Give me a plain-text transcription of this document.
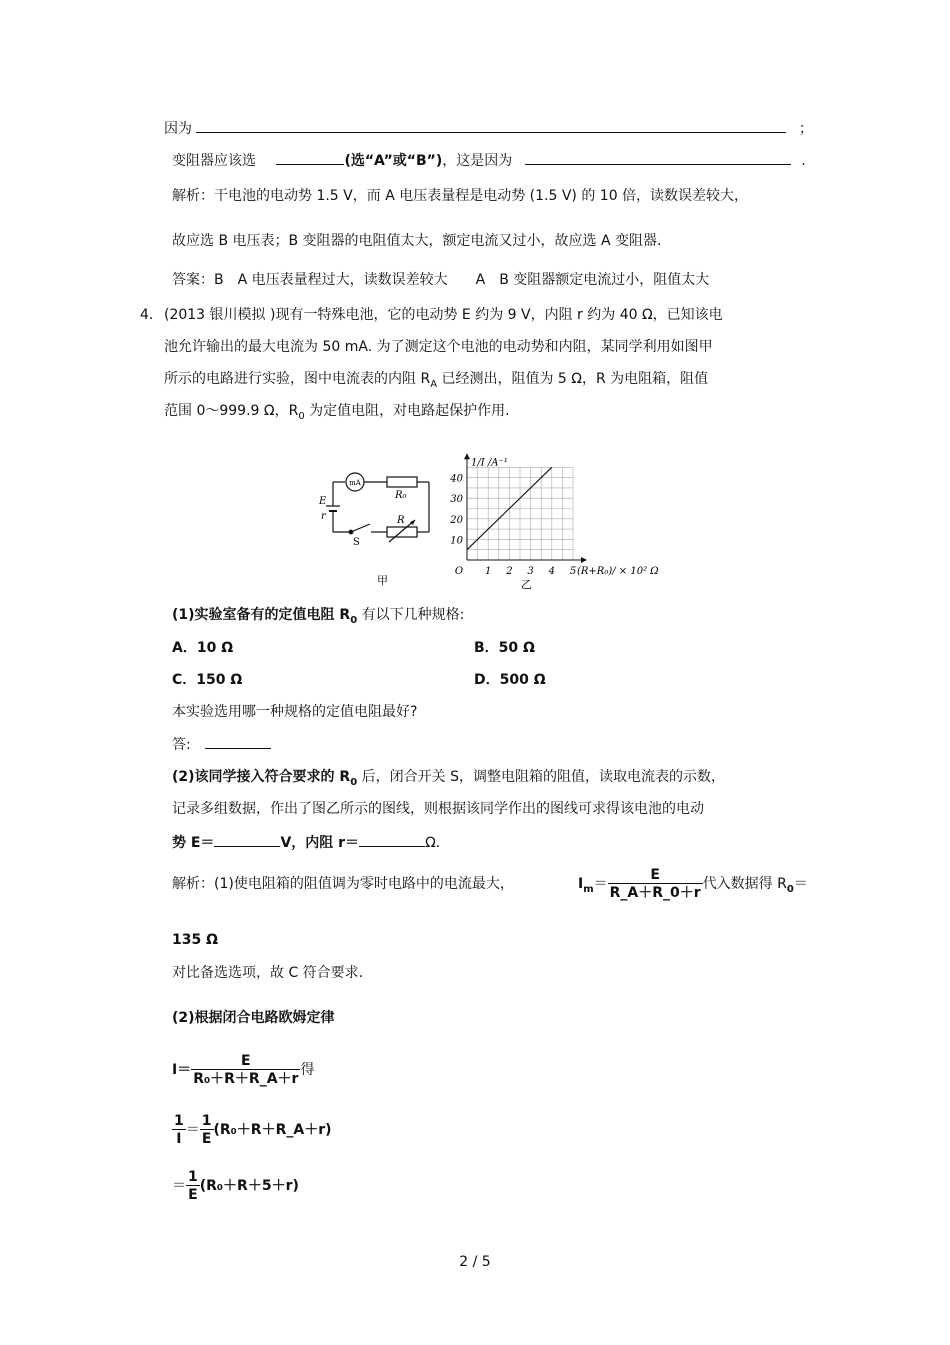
因为	；
变阻器应该选	(选“A”或“B”)，这是因为	.
解析：干电池的电动势 1.5 V，而 A 电压表量程是电动势 (1.5 V) 的 10 倍，读数误差较大，
故应选 B 电压表；B 变阻器的电阻值太大，额定电流又过小，故应选 A 变阻器.
答案：B　A 电压表量程过大，读数误差较大　　A　B 变阻器额定电流过小，阻值太大
4． (2013 银川模拟 )现有一特殊电池，它的电动势 E 约为 9 V，内阻 r 约为 40 Ω，已知该电
池允许输出的最大电流为 50 mA. 为了测定这个电池的电动势和内阻，某同学利用如图甲
所示的电路进行实验，图中电流表的内阻 $R_A$ 已经测出，阻值为 5 Ω，R 为电阻箱，阻值
范围 0～999.9 Ω，$R_0$ 为定值电阻，对电路起保护作用.
mA
R₀
E
r
S
R
甲
1 2 3 4 5
10
20
30
40
O	(R+R₀)/ × 10² Ω
1/I /A⁻¹
乙
(1)实验室备有的定值电阻 $R_0$ 有以下几种规格:
A．10 Ω	B．50 Ω
C．150 Ω	D．500 Ω
本实验选用哪一种规格的定值电阻最好?
答:
(2)该同学接入符合要求的 $R_0$ 后，闭合开关 S，调整电阻箱的阻值，读取电流表的示数，
记录多组数据，作出了图乙所示的图线，则根据该同学作出的图线可求得该电池的电动
势 E＝	V，内阻 r＝	Ω.
解析：(1)使电阻箱的阻值调为零时电路中的电流最大，	$I_m= \frac{E}{R\_A+R\_0+r}$ 代入数据得 $R_0=$
135 Ω
对比备选选项，故 C 符合要求.
(2)根据闭合电路欧姆定律
$I= \frac{E}{\text{R₀＋R＋R\_A＋r}}$ 得
$\frac{1}{I} = \frac{1}{E}$ (R₀＋R＋R_A＋r)
＝ $\frac{1}{E} (R_0+R+5+r)$
2 / 5
